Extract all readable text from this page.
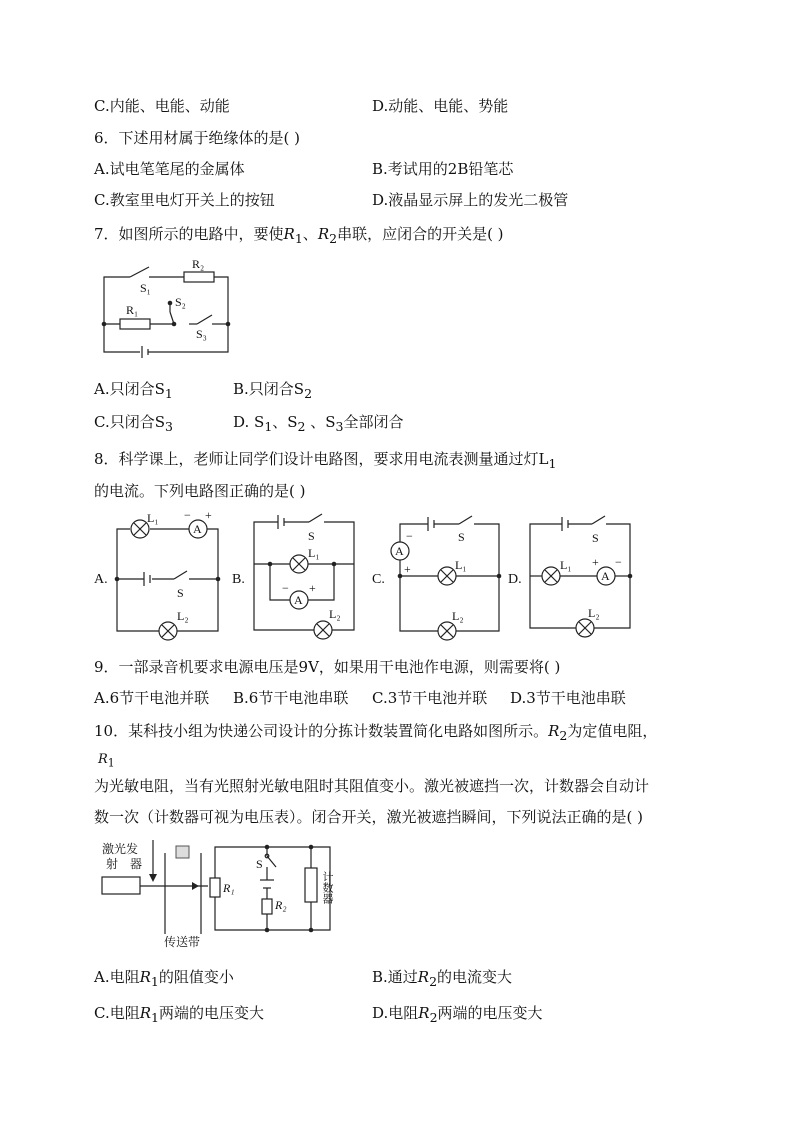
C.内能、电能、动能	D.动能、电能、势能
6．下述用材属于绝缘体的是( )
A.试电笔笔尾的金属体	B.考试用的2B铅笔芯
C.教室里电灯开关上的按钮	D.液晶显示屏上的发光二极管
7．如图所示的电路中，要使$R_1$、$R_2$串联，应闭合的开关是( )
R₂
S₁
S₂
R₁
S₃
A.只闭合$S_1$	B.只闭合$S_2$
C.只闭合$S_3$	D. $S_1$、$S_2$ 、$S_3$全部闭合
8．科学课上，老师让同学们设计电路图，要求用电流表测量通过灯$L_1$
的电流。下列电路图正确的是( )
A.
A
− +
L₁
S
L₂
B.
S
L₁
A
− +
L₂
C.
S
A
−
+	L₁
L₂
D.
S
L₁
A
+ −
L₂
9．一部录音机要求电源电压是9V，如果用干电池作电源，则需要将( )
A.6节干电池并联 B.6节干电池串联 C.3节干电池并联 D.3节干电池串联
10．某科技小组为快递公司设计的分拣计数装置简化电路如图所示。$R_2$为定值电阻，
$R_1$
为光敏电阻，当有光照射光敏电阻时其阻值变小。激光被遮挡一次，计数器会自动计
数一次（计数器可视为电压表）。闭合开关，激光被遮挡瞬间，下列说法正确的是( )
激光发
射　器
传送带
R₁
S
R₂
计数器
A.电阻$R_1$的阻值变小	B.通过$R_2$的电流变大
C.电阻$R_1$两端的电压变大	D.电阻$R_2$两端的电压变大
